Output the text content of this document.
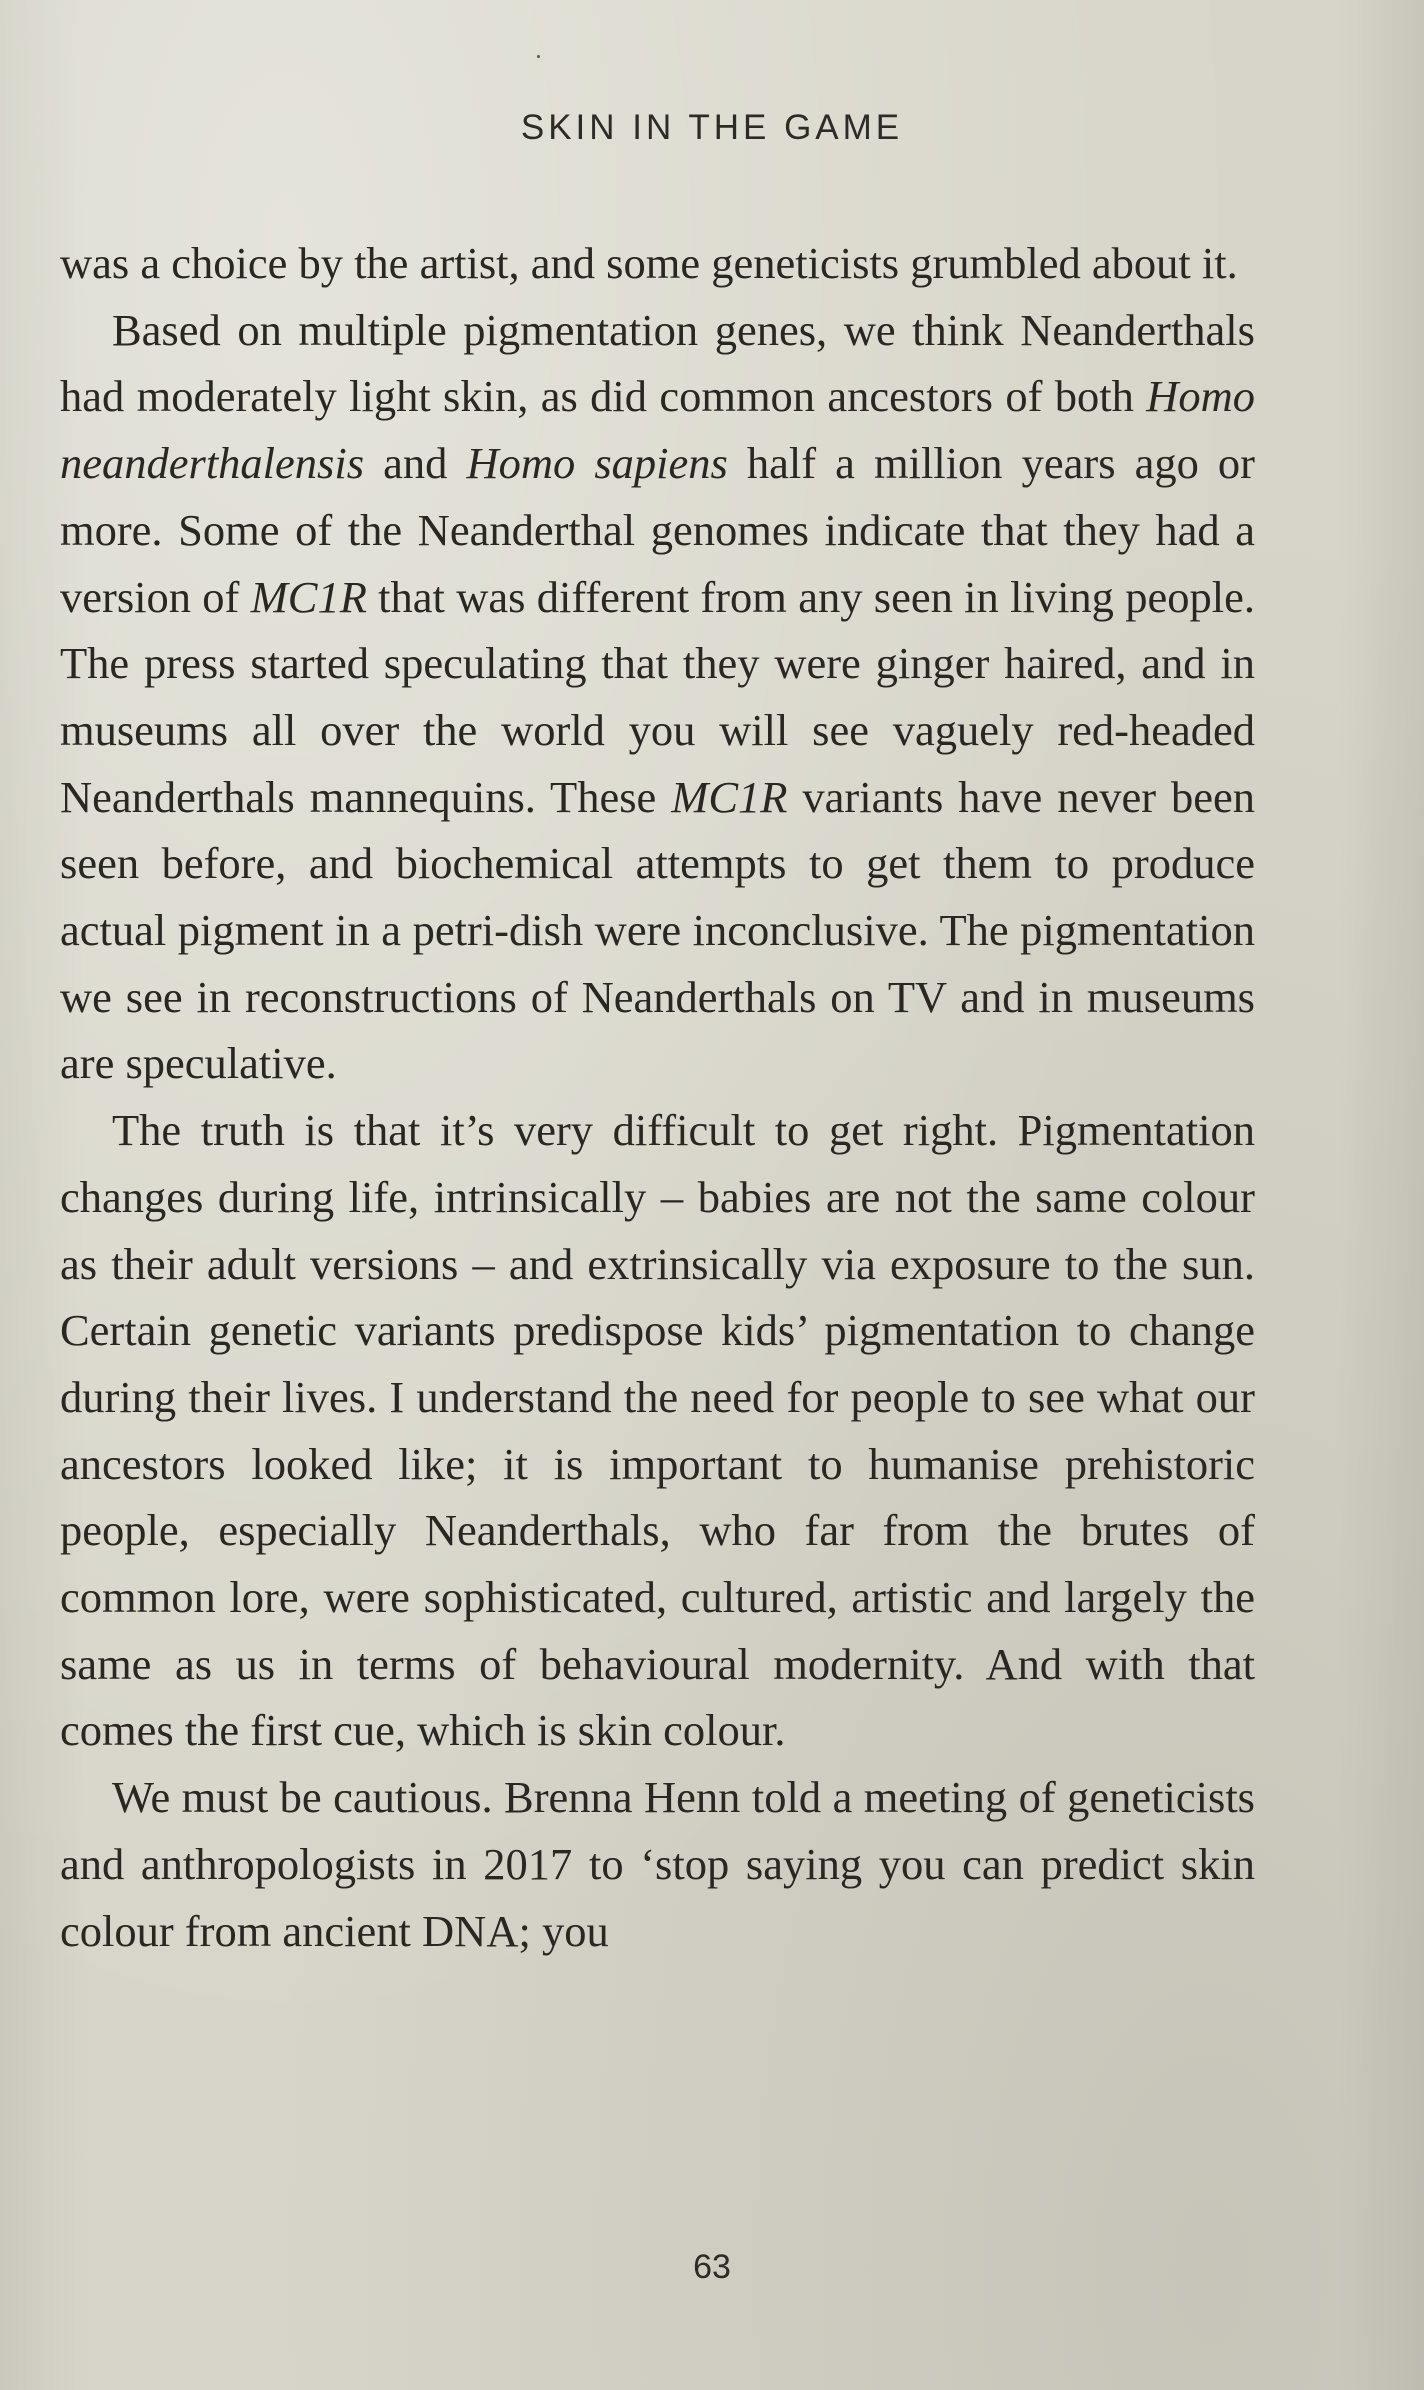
SKIN IN THE GAME

was a choice by the artist, and some geneticists grumbled about it.

Based on multiple pigmentation genes, we think Neanderthals had moderately light skin, as did common ancestors of both Homo neanderthalensis and Homo sapiens half a million years ago or more. Some of the Neanderthal genomes indicate that they had a version of MC1R that was different from any seen in living people. The press started speculating that they were ginger haired, and in museums all over the world you will see vaguely red-headed Neanderthals mannequins. These MC1R variants have never been seen before, and biochemical attempts to get them to produce actual pigment in a petri-dish were inconclusive. The pigmentation we see in reconstructions of Neanderthals on TV and in museums are speculative.

The truth is that it’s very difficult to get right. Pigmentation changes during life, intrinsically – babies are not the same colour as their adult versions – and extrinsically via exposure to the sun. Certain genetic variants predispose kids’ pigmentation to change during their lives. I understand the need for people to see what our ancestors looked like; it is important to humanise prehistoric people, especially Neanderthals, who far from the brutes of common lore, were sophisticated, cultured, artistic and largely the same as us in terms of behavioural modernity. And with that comes the first cue, which is skin colour.

We must be cautious. Brenna Henn told a meeting of geneticists and anthropologists in 2017 to ‘stop saying you can predict skin colour from ancient DNA; you

63
